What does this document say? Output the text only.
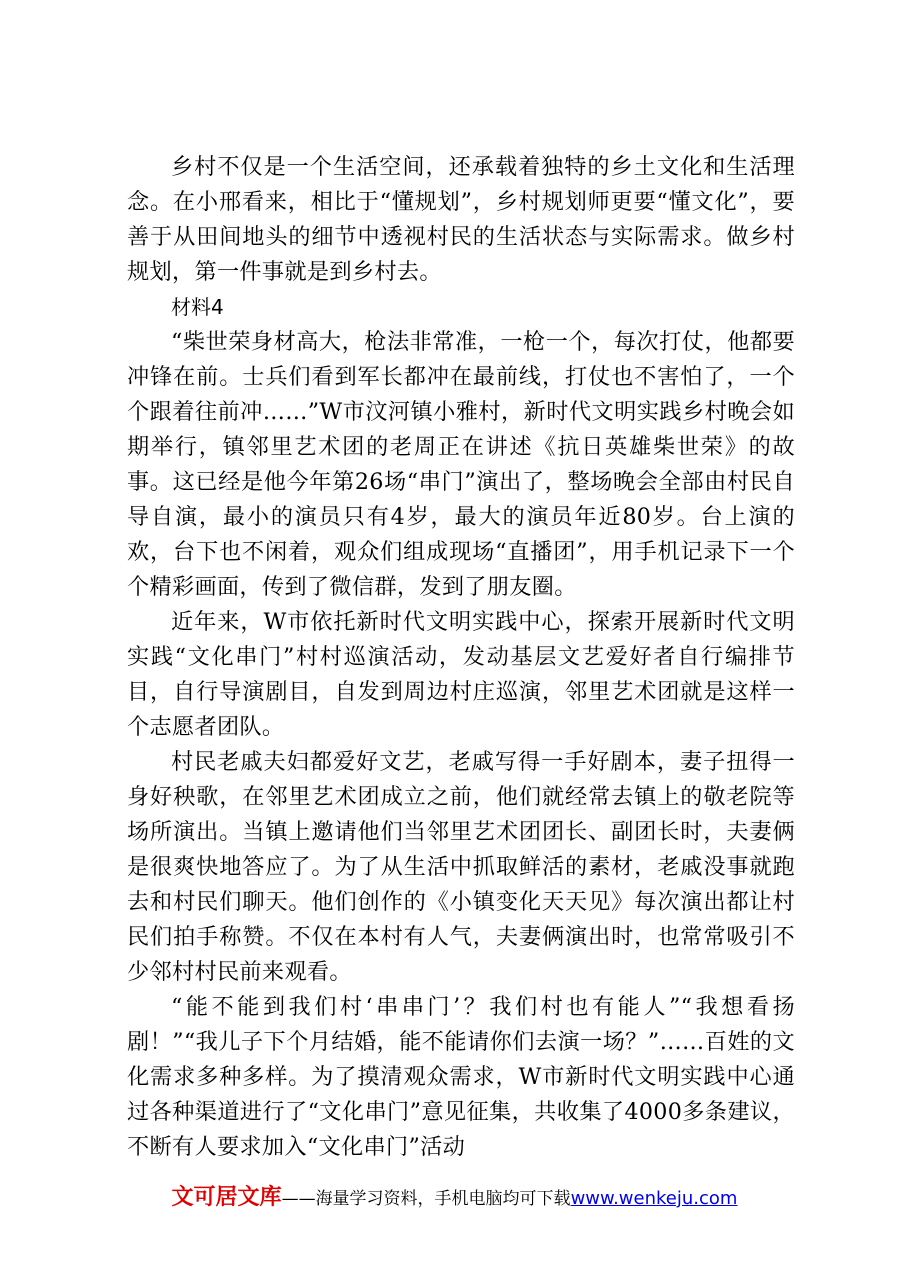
乡村不仅是一个生活空间，还承载着独特的乡土文化和生活理念。在小邢看来，相比于“懂规划”，乡村规划师更要“懂文化”，要善于从田间地头的细节中透视村民的生活状态与实际需求。做乡村规划，第一件事就是到乡村去。

材料4

“柴世荣身材高大，枪法非常准，一枪一个，每次打仗，他都要冲锋在前。士兵们看到军长都冲在最前线，打仗也不害怕了，一个个跟着往前冲……”W市汶河镇小雅村，新时代文明实践乡村晚会如期举行，镇邻里艺术团的老周正在讲述《抗日英雄柴世荣》的故事。这已经是他今年第26场“串门”演出了，整场晚会全部由村民自导自演，最小的演员只有4岁，最大的演员年近80岁。台上演的欢，台下也不闲着，观众们组成现场“直播团”，用手机记录下一个个精彩画面，传到了微信群，发到了朋友圈。

近年来，W市依托新时代文明实践中心，探索开展新时代文明实践“文化串门”村村巡演活动，发动基层文艺爱好者自行编排节目，自行导演剧目，自发到周边村庄巡演，邻里艺术团就是这样一个志愿者团队。

村民老戚夫妇都爱好文艺，老戚写得一手好剧本，妻子扭得一身好秧歌，在邻里艺术团成立之前，他们就经常去镇上的敬老院等场所演出。当镇上邀请他们当邻里艺术团团长、副团长时，夫妻俩是很爽快地答应了。为了从生活中抓取鲜活的素材，老戚没事就跑去和村民们聊天。他们创作的《小镇变化天天见》每次演出都让村民们拍手称赞。不仅在本村有人气，夫妻俩演出时，也常常吸引不少邻村村民前来观看。

“能不能到我们村‘串串门’？我们村也有能人”“我想看扬剧！”“我儿子下个月结婚，能不能请你们去演一场？”……百姓的文化需求多种多样。为了摸清观众需求，W市新时代文明实践中心通过各种渠道进行了“文化串门”意见征集，共收集了4000多条建议，不断有人要求加入“文化串门”活动

文可居文库——海量学习资料，手机电脑均可下载www.wenkeju.com
